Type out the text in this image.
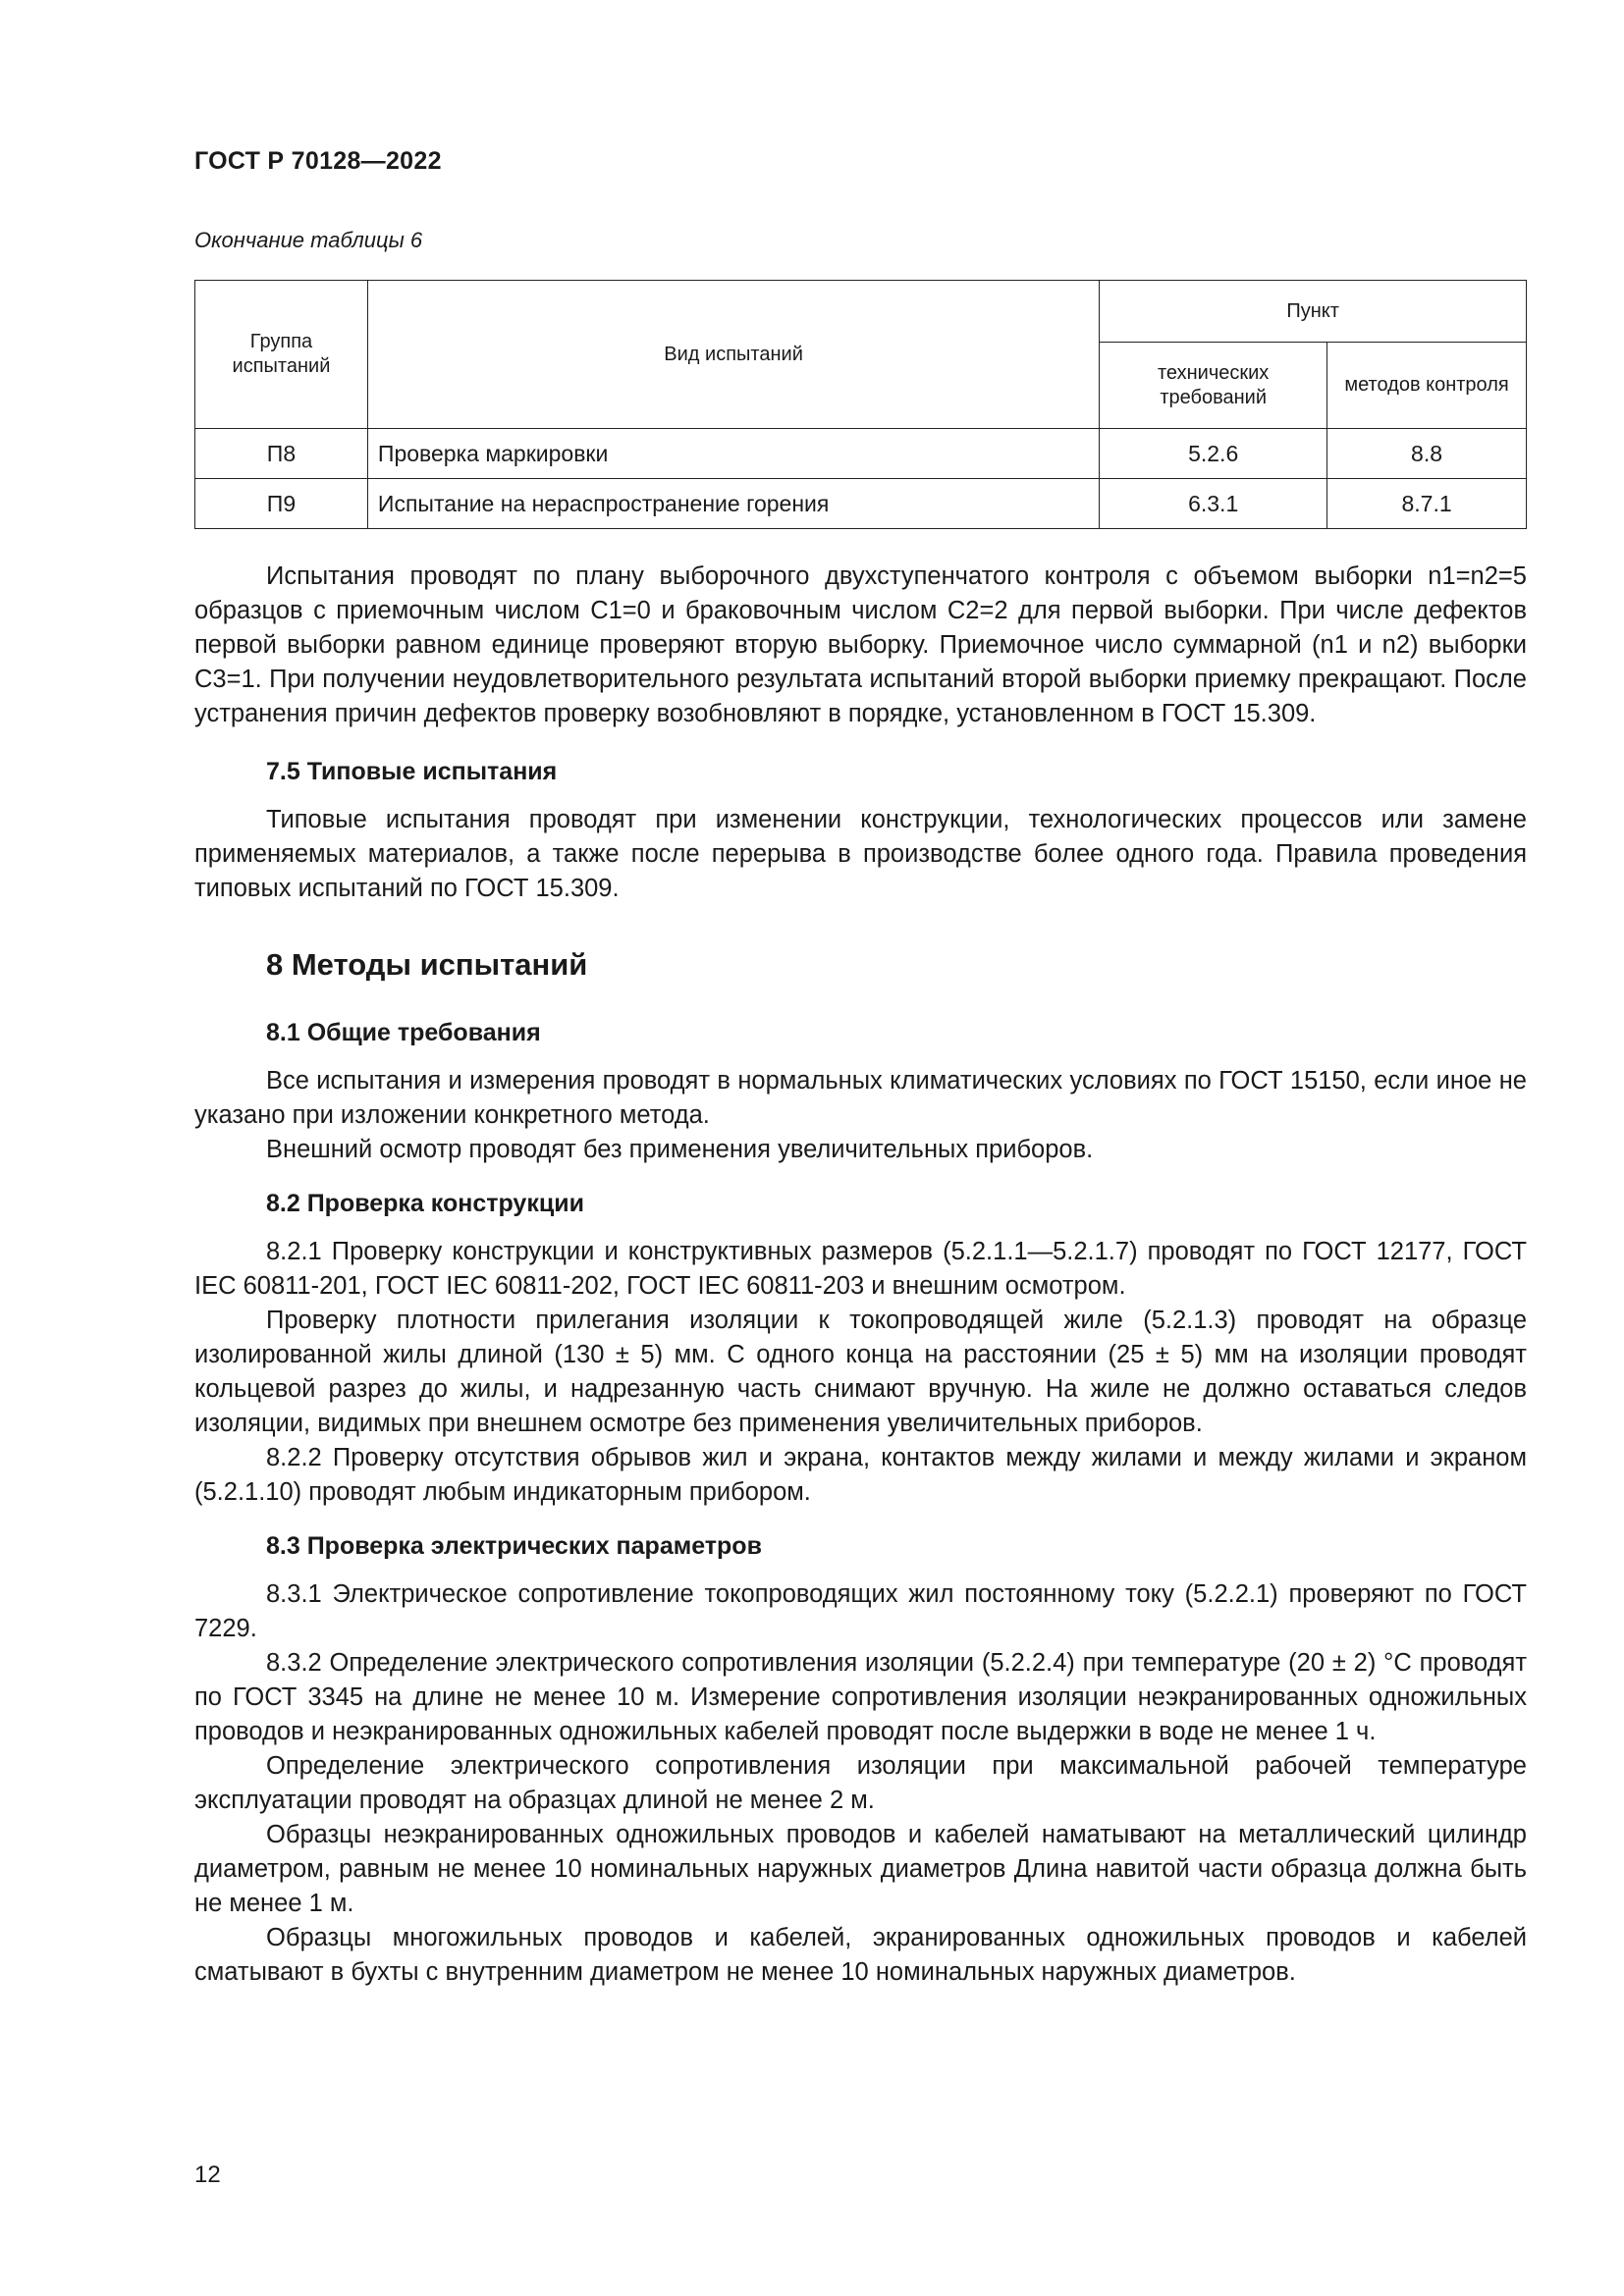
ГОСТ Р 70128—2022
Окончание таблицы 6
Группа испытаний	Вид испытаний	Пункт	
		технических требований	методов контроля
П8	Проверка маркировки	5.2.6	8.8
П9	Испытание на нераспространение горения	6.3.1	8.7.1

Испытания проводят по плану выборочного двухступенчатого контроля с объемом выборки n1=n2=5 образцов с приемочным числом C1=0 и браковочным числом C2=2 для первой выборки. При числе дефектов первой выборки равном единице проверяют вторую выборку. Приемочное число суммарной (n1 и n2) выборки C3=1. При получении неудовлетворительного результата испытаний второй выборки приемку прекращают. После устранения причин дефектов проверку возобновляют в порядке, установленном в ГОСТ 15.309.

7.5 Типовые испытания

Типовые испытания проводят при изменении конструкции, технологических процессов или замене применяемых материалов, а также после перерыва в производстве более одного года. Правила проведения типовых испытаний по ГОСТ 15.309.

8 Методы испытаний
8.1 Общие требования

Все испытания и измерения проводят в нормальных климатических условиях по ГОСТ 15150, если иное не указано при изложении конкретного метода.

Внешний осмотр проводят без применения увеличительных приборов.

8.2 Проверка конструкции

8.2.1 Проверку конструкции и конструктивных размеров (5.2.1.1—5.2.1.7) проводят по ГОСТ 12177, ГОСТ IEC 60811-201, ГОСТ IEC 60811-202, ГОСТ IEC 60811-203 и внешним осмотром.

Проверку плотности прилегания изоляции к токопроводящей жиле (5.2.1.3) проводят на образце изолированной жилы длиной (130 ± 5) мм. С одного конца на расстоянии (25 ± 5) мм на изоляции проводят кольцевой разрез до жилы, и надрезанную часть снимают вручную. На жиле не должно оставаться следов изоляции, видимых при внешнем осмотре без применения увеличительных приборов.

8.2.2 Проверку отсутствия обрывов жил и экрана, контактов между жилами и между жилами и экраном (5.2.1.10) проводят любым индикаторным прибором.

8.3 Проверка электрических параметров

8.3.1 Электрическое сопротивление токопроводящих жил постоянному току (5.2.2.1) проверяют по ГОСТ 7229.

8.3.2 Определение электрического сопротивления изоляции (5.2.2.4) при температуре (20 ± 2) °С проводят по ГОСТ 3345 на длине не менее 10 м. Измерение сопротивления изоляции неэкранированных одножильных проводов и неэкранированных одножильных кабелей проводят после выдержки в воде не менее 1 ч.

Определение электрического сопротивления изоляции при максимальной рабочей температуре эксплуатации проводят на образцах длиной не менее 2 м.

Образцы неэкранированных одножильных проводов и кабелей наматывают на металлический цилиндр диаметром, равным не менее 10 номинальных наружных диаметров Длина навитой части образца должна быть не менее 1 м.

Образцы многожильных проводов и кабелей, экранированных одножильных проводов и кабелей сматывают в бухты с внутренним диаметром не менее 10 номинальных наружных диаметров.

12
